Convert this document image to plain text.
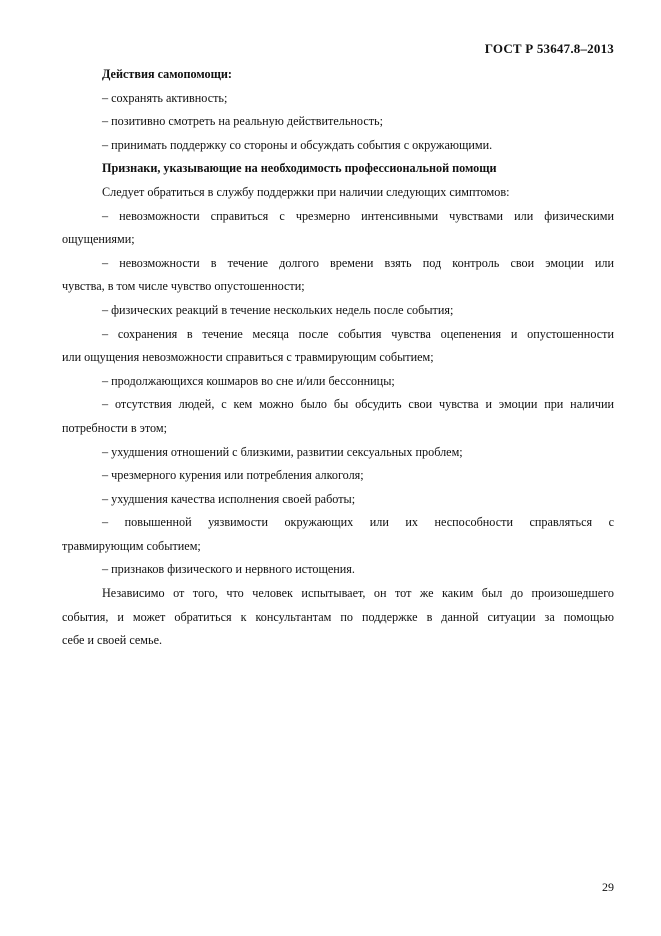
ГОСТ Р 53647.8–2013
Действия самопомощи:
– сохранять активность;
– позитивно смотреть на реальную действительность;
– принимать поддержку со стороны и обсуждать события с окружающими.
Признаки, указывающие на необходимость профессиональной помощи
Следует обратиться в службу поддержки при наличии следующих симптомов:
– невозможности справиться с чрезмерно интенсивными чувствами или физическими
ощущениями;
– невозможности в течение долгого времени взять под контроль свои эмоции или
чувства, в том числе чувство опустошенности;
– физических реакций в течение нескольких недель после события;
– сохранения в течение месяца после события чувства оцепенения и опустошенности
или ощущения невозможности справиться с травмирующим событием;
– продолжающихся кошмаров во сне и/или бессонницы;
– отсутствия людей, с кем можно было бы обсудить свои чувства и эмоции при наличии
потребности в этом;
– ухудшения отношений с близкими, развитии сексуальных проблем;
– чрезмерного курения или потребления алкоголя;
– ухудшения качества исполнения своей работы;
– повышенной уязвимости окружающих или их неспособности справляться с
травмирующим событием;
– признаков физического и нервного истощения.
Независимо от того, что человек испытывает, он тот же каким был до произошедшего
события, и может обратиться к консультантам по поддержке в данной ситуации за помощью
себе и своей семье.
29
